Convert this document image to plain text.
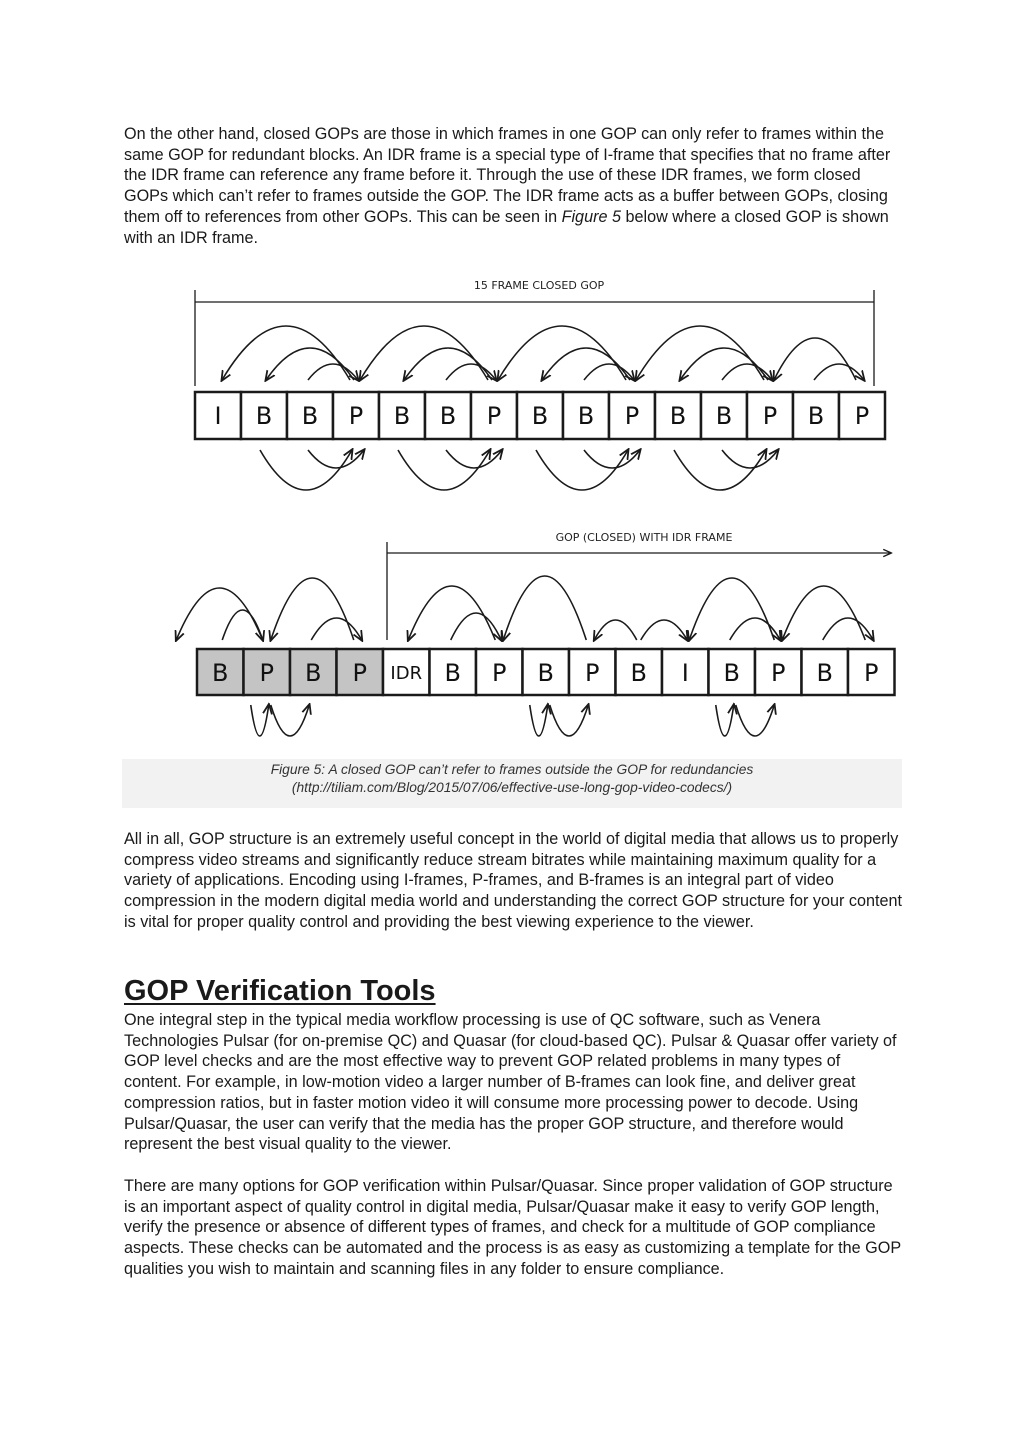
On the other hand, closed GOPs are those in which frames in one GOP can only refer to frames within the same GOP for redundant blocks. An IDR frame is a special type of I-frame that specifies that no frame after the IDR frame can reference any frame before it. Through the use of these IDR frames, we form closed GOPs which can’t refer to frames outside the GOP. The IDR frame acts as a buffer between GOPs, closing them off to references from other GOPs. This can be seen in Figure 5 below where a closed GOP is shown with an IDR frame.

I B B P B B P B B P B B P B P
B P B P IDR B P B P B I B P B P
15 FRAME CLOSED GOP
GOP (CLOSED) WITH IDR FRAME

Figure 5: A closed GOP can’t refer to frames outside the GOP for redundancies
(http://tiliam.com/Blog/2015/07/06/effective-use-long-gop-video-codecs/)

All in all, GOP structure is an extremely useful concept in the world of digital media that allows us to properly compress video streams and significantly reduce stream bitrates while maintaining maximum quality for a variety of applications. Encoding using I-frames, P-frames, and B-frames is an integral part of video compression in the modern digital media world and understanding the correct GOP structure for your content is vital for proper quality control and providing the best viewing experience to the viewer.

GOP Verification Tools

One integral step in the typical media workflow processing is use of QC software, such as Venera Technologies Pulsar (for on-premise QC) and Quasar (for cloud-based QC). Pulsar & Quasar offer variety of GOP level checks and are the most effective way to prevent GOP related problems in many types of content. For example, in low-motion video a larger number of B-frames can look fine, and deliver great compression ratios, but in faster motion video it will consume more processing power to decode. Using Pulsar/Quasar, the user can verify that the media has the proper GOP structure, and therefore would represent the best visual quality to the viewer.

There are many options for GOP verification within Pulsar/Quasar. Since proper validation of GOP structure is an important aspect of quality control in digital media, Pulsar/Quasar make it easy to verify GOP length, verify the presence or absence of different types of frames, and check for a multitude of GOP compliance aspects. These checks can be automated and the process is as easy as customizing a template for the GOP qualities you wish to maintain and scanning files in any folder to ensure compliance.
